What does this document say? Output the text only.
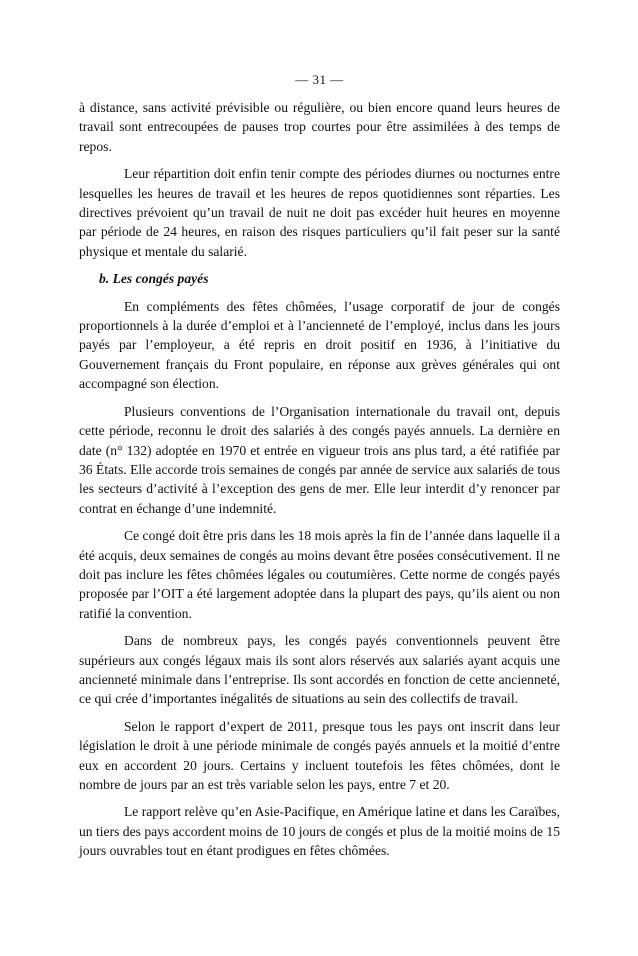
— 31 —

à distance, sans activité prévisible ou régulière, ou bien encore quand leurs heures de travail sont entrecoupées de pauses trop courtes pour être assimilées à des temps de repos.

Leur répartition doit enfin tenir compte des périodes diurnes ou nocturnes entre lesquelles les heures de travail et les heures de repos quotidiennes sont réparties. Les directives prévoient qu’un travail de nuit ne doit pas excéder huit heures en moyenne par période de 24 heures, en raison des risques particuliers qu’il fait peser sur la santé physique et mentale du salarié.

b. Les congés payés

En compléments des fêtes chômées, l’usage corporatif de jour de congés proportionnels à la durée d’emploi et à l’ancienneté de l’employé, inclus dans les jours payés par l’employeur, a été repris en droit positif en 1936, à l’initiative du Gouvernement français du Front populaire, en réponse aux grèves générales qui ont accompagné son élection.

Plusieurs conventions de l’Organisation internationale du travail ont, depuis cette période, reconnu le droit des salariés à des congés payés annuels. La dernière en date (n° 132) adoptée en 1970 et entrée en vigueur trois ans plus tard, a été ratifiée par 36 États. Elle accorde trois semaines de congés par année de service aux salariés de tous les secteurs d’activité à l’exception des gens de mer. Elle leur interdit d’y renoncer par contrat en échange d’une indemnité.

Ce congé doit être pris dans les 18 mois après la fin de l’année dans laquelle il a été acquis, deux semaines de congés au moins devant être posées consécutivement. Il ne doit pas inclure les fêtes chômées légales ou coutumières. Cette norme de congés payés proposée par l’OIT a été largement adoptée dans la plupart des pays, qu’ils aient ou non ratifié la convention.

Dans de nombreux pays, les congés payés conventionnels peuvent être supérieurs aux congés légaux mais ils sont alors réservés aux salariés ayant acquis une ancienneté minimale dans l’entreprise. Ils sont accordés en fonction de cette ancienneté, ce qui crée d’importantes inégalités de situations au sein des collectifs de travail.

Selon le rapport d’expert de 2011, presque tous les pays ont inscrit dans leur législation le droit à une période minimale de congés payés annuels et la moitié d’entre eux en accordent 20 jours. Certains y incluent toutefois les fêtes chômées, dont le nombre de jours par an est très variable selon les pays, entre 7 et 20.

Le rapport relève qu’en Asie-Pacifique, en Amérique latine et dans les Caraïbes, un tiers des pays accordent moins de 10 jours de congés et plus de la moitié moins de 15 jours ouvrables tout en étant prodigues en fêtes chômées.
